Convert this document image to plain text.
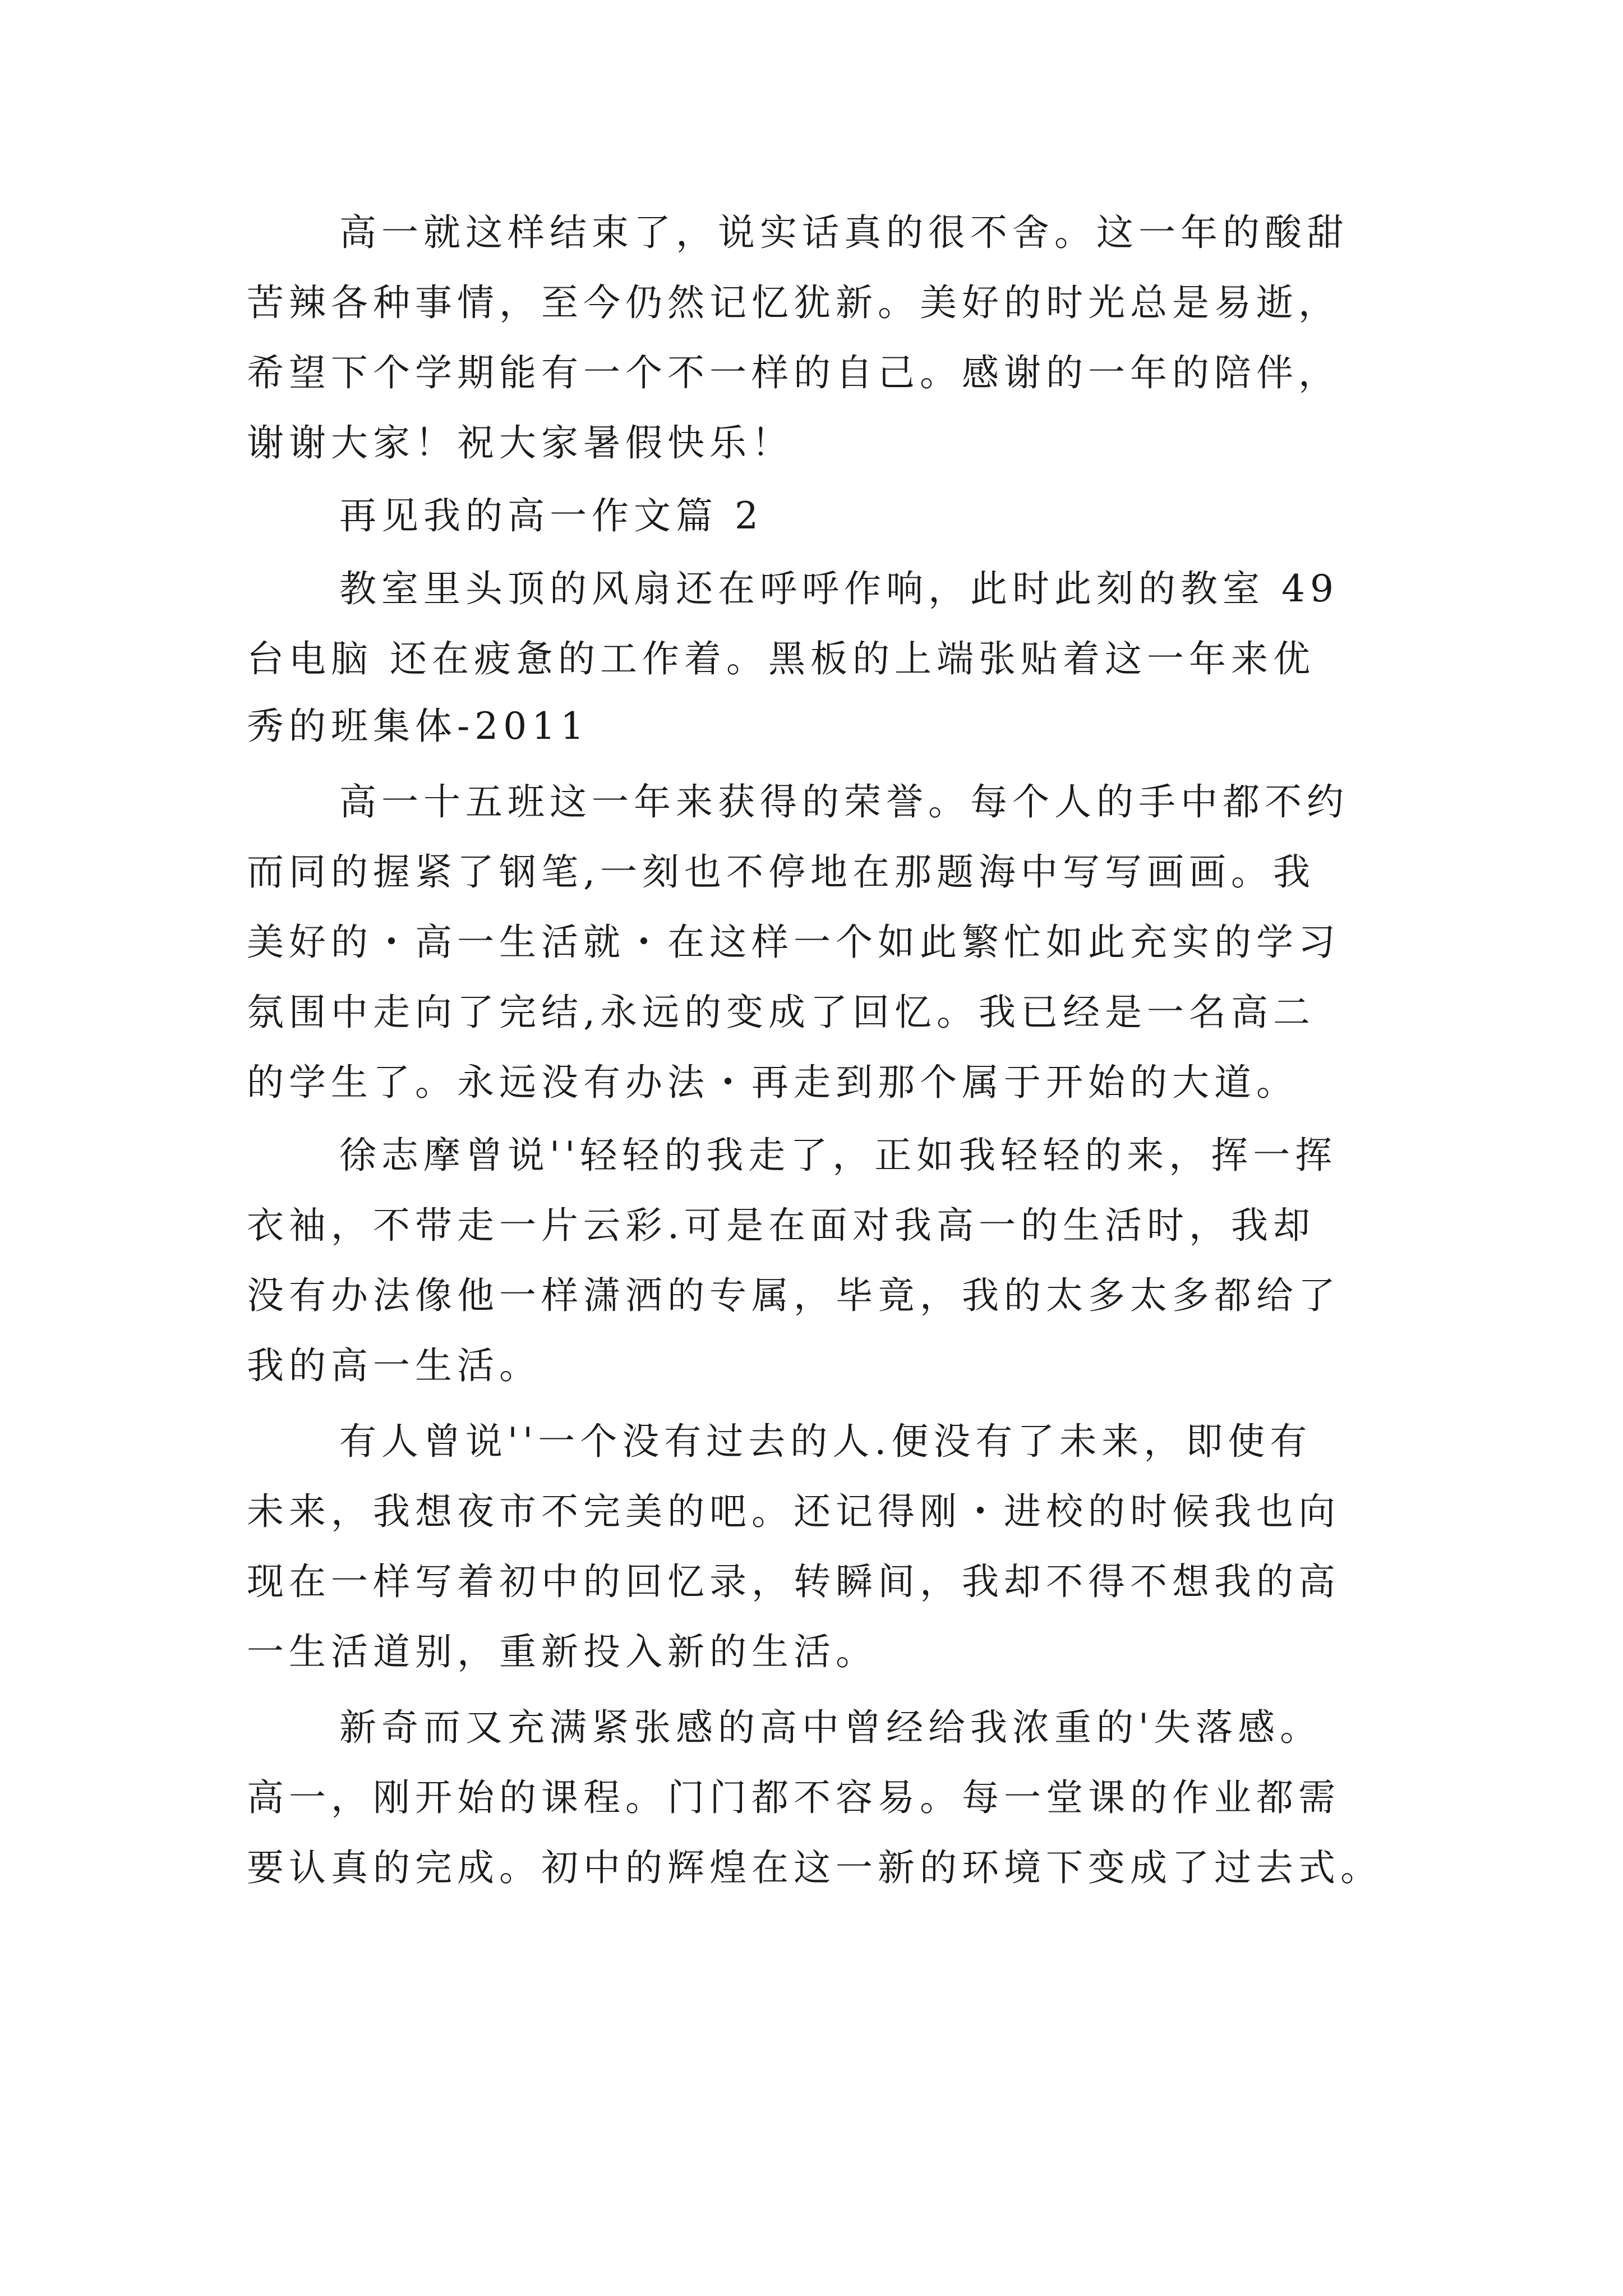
高一就这样结束了，说实话真的很不舍。这一年的酸甜
苦辣各种事情，至今仍然记忆犹新。美好的时光总是易逝，
希望下个学期能有一个不一样的自己。感谢的一年的陪伴，
谢谢大家！祝大家暑假快乐！
再见我的高一作文篇 2
教室里头顶的风扇还在呼呼作响，此时此刻的教室 49
台电脑 还在疲惫的工作着。黑板的上端张贴着这一年来优
秀的班集体-2011
高一十五班这一年来获得的荣誉。每个人的手中都不约
而同的握紧了钢笔,一刻也不停地在那题海中写写画画。我
美好的・高一生活就・在这样一个如此繁忙如此充实的学习
氛围中走向了完结,永远的变成了回忆。我已经是一名高二
的学生了。永远没有办法・再走到那个属于开始的大道。
徐志摩曾说''轻轻的我走了，正如我轻轻的来，挥一挥
衣袖，不带走一片云彩.可是在面对我高一的生活时，我却
没有办法像他一样潇洒的专属，毕竟，我的太多太多都给了
我的高一生活。
有人曾说''一个没有过去的人.便没有了未来，即使有
未来，我想夜市不完美的吧。还记得刚・进校的时候我也向
现在一样写着初中的回忆录，转瞬间，我却不得不想我的高
一生活道别，重新投入新的生活。
新奇而又充满紧张感的高中曾经给我浓重的'失落感。
高一，刚开始的课程。门门都不容易。每一堂课的作业都需
要认真的完成。初中的辉煌在这一新的环境下变成了过去式。
